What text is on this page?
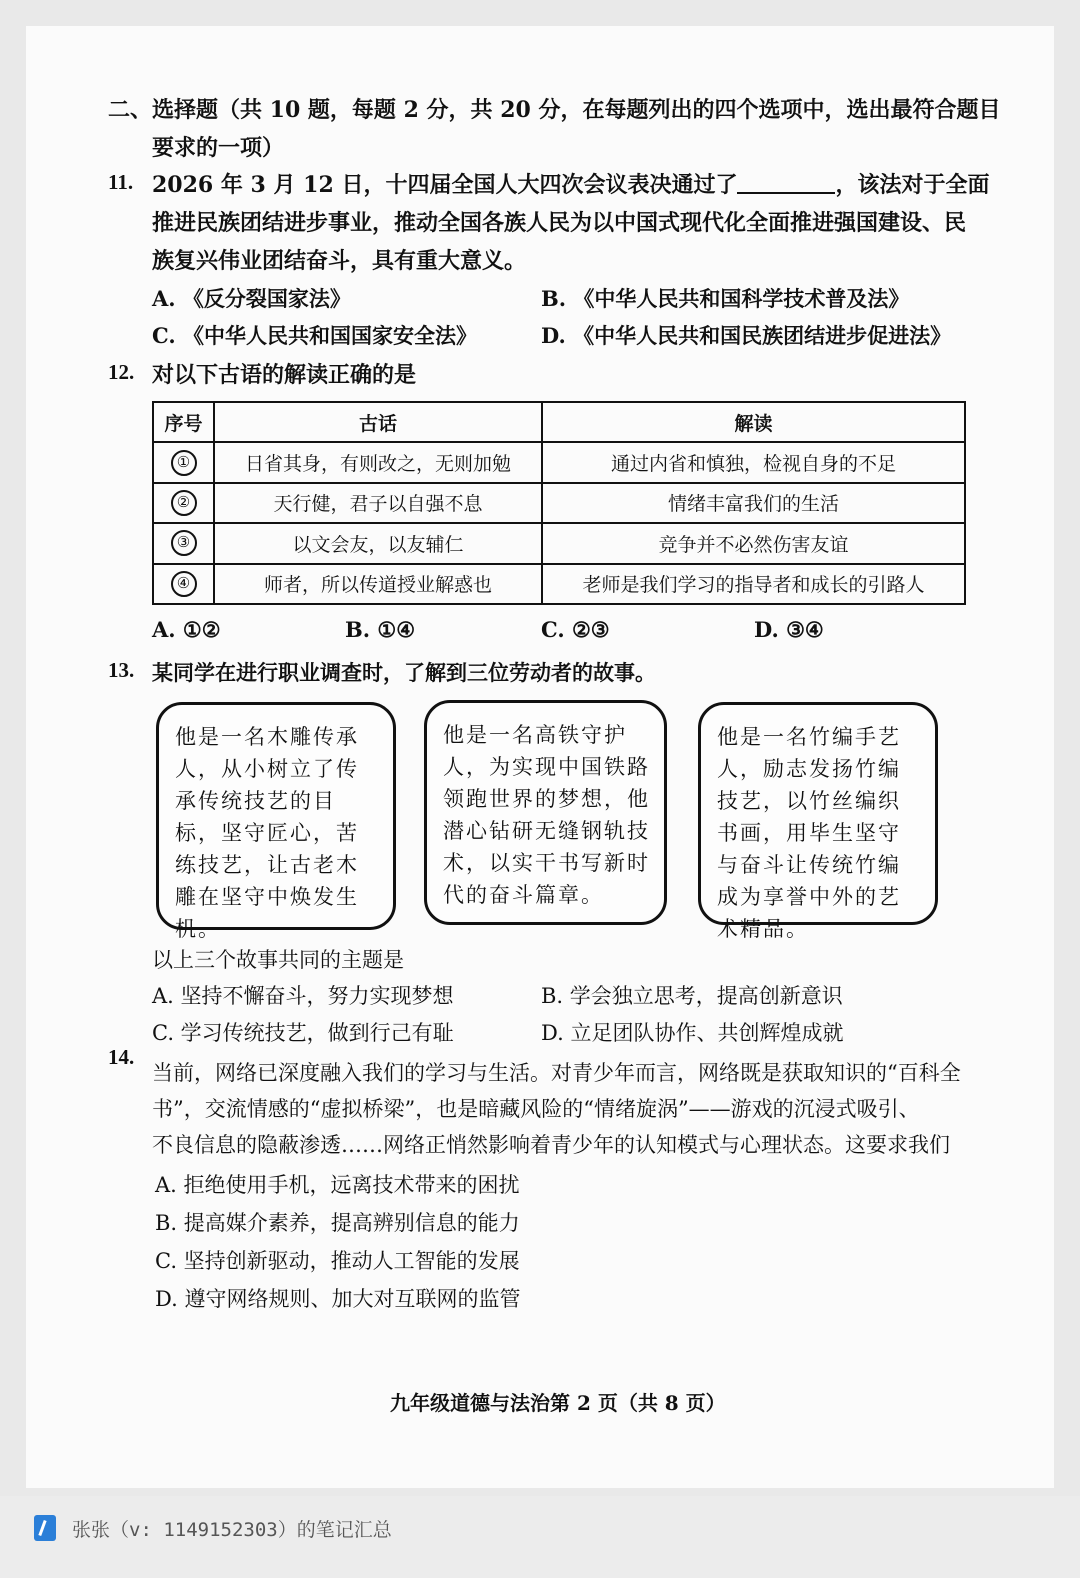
二、选择题（共 10 题，每题 2 分，共 20 分，在每题列出的四个选项中，选出最符合题目
要求的一项）
11. 2026 年 3 月 12 日，十四届全国人大四次会议表决通过了	，该法对于全面
推进民族团结进步事业，推动全国各族人民为以中国式现代化全面推进强国建设、民
族复兴伟业团结奋斗，具有重大意义。
A. 《反分裂国家法》	B. 《中华人民共和国科学技术普及法》
C. 《中华人民共和国国家安全法》	D. 《中华人民共和国民族团结进步促进法》
12. 对以下古语的解读正确的是
序号	古话	解读
①	日省其身，有则改之，无则加勉	通过内省和慎独，检视自身的不足
②	天行健，君子以自强不息	情绪丰富我们的生活
③	以文会友，以友辅仁	竞争并不必然伤害友谊
④	师者，所以传道授业解惑也	老师是我们学习的指导者和成长的引路人
A. ①②	B. ①④	C. ②③	D. ③④
13. 某同学在进行职业调查时，了解到三位劳动者的故事。
他是一名木雕传承人，从小树立了传承传统技艺的目标，坚守匠心，苦练技艺，让古老木雕在坚守中焕发生机。
他是一名高铁守护人，为实现中国铁路领跑世界的梦想，他潜心钻研无缝钢轨技术，以实干书写新时代的奋斗篇章。
他是一名竹编手艺人，励志发扬竹编技艺，以竹丝编织书画，用毕生坚守与奋斗让传统竹编成为享誉中外的艺术精品。
以上三个故事共同的主题是
A. 坚持不懈奋斗，努力实现梦想	B. 学会独立思考，提高创新意识
C. 学习传统技艺，做到行己有耻	D. 立足团队协作、共创辉煌成就
14.
当前，网络已深度融入我们的学习与生活。对青少年而言，网络既是获取知识的“百科全
书”，交流情感的“虚拟桥梁”，也是暗藏风险的“情绪旋涡”——游戏的沉浸式吸引、
不良信息的隐蔽渗透……网络正悄然影响着青少年的认知模式与心理状态。这要求我们
A. 拒绝使用手机，远离技术带来的困扰
B. 提高媒介素养，提高辨别信息的能力
C. 坚持创新驱动，推动人工智能的发展
D. 遵守网络规则、加大对互联网的监管
九年级道德与法治第 2 页（共 8 页）
张张（v: 1149152303）的笔记汇总
